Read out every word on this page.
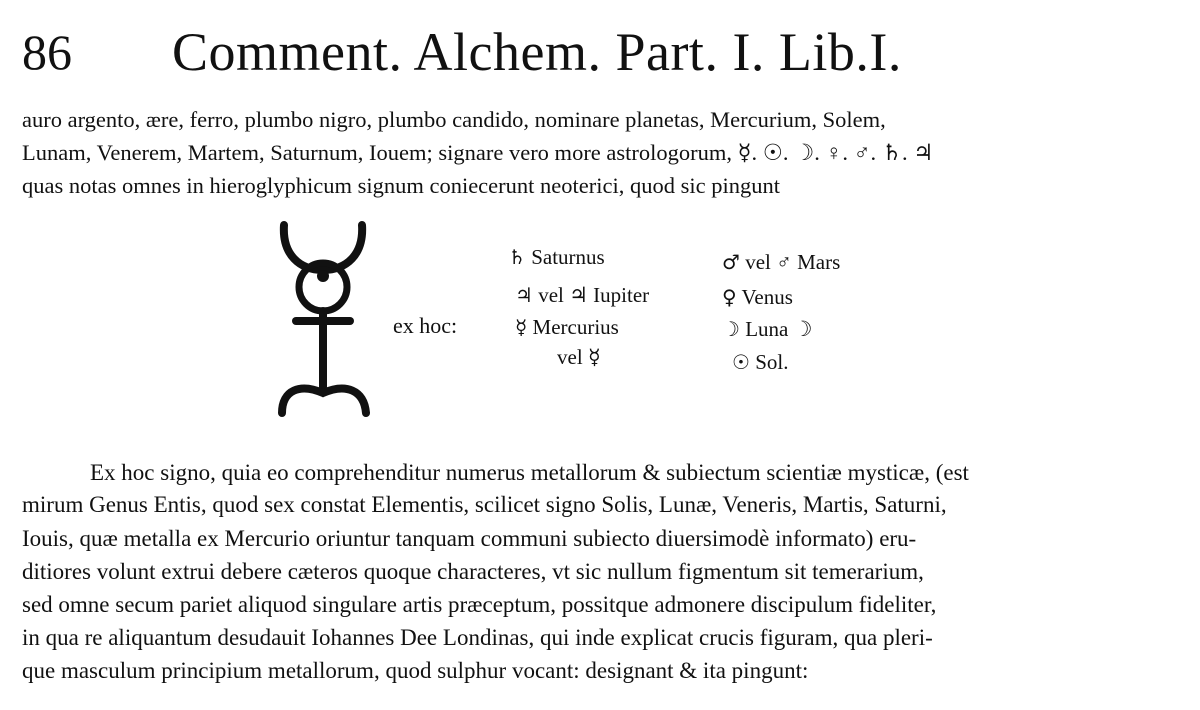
86 Comment. Alchem. Part. I. Lib.I.
auro argento, ære, ferro, plumbo nigro, plumbo candido, nominare planetas, Mercurium, Solem,
Lunam, Venerem, Martem, Saturnum, Iouem; signare vero more astrologorum, ☿. ☉. ☽. ♀. ♂. ♄. ♃
quas notas omnes in hieroglyphicum signum coniecerunt neoterici, quod sic pingunt
ex hoc:
♄ Saturnus
♃ vel ♃ Iupiter
☿ Mercurius
vel ☿
♂ vel ♂ Mars
♀ Venus
☽ Luna ☽
☉ Sol.
Ex hoc signo, quia eo comprehenditur numerus metallorum & subiectum scientiæ mysticæ, (est
mirum Genus Entis, quod sex constat Elementis, scilicet signo Solis, Lunæ, Veneris, Martis, Saturni,
Iouis, quæ metalla ex Mercurio oriuntur tanquam communi subiecto diuersimodè informato) eru-
ditiores volunt extrui debere cæteros quoque characteres, vt sic nullum figmentum sit temerarium,
sed omne secum pariet aliquod singulare artis præceptum, possitque admonere discipulum fideliter,
in qua re aliquantum desudauit Iohannes Dee Londinas, qui inde explicat crucis figuram, qua pleri-
que masculum principium metallorum, quod sulphur vocant: designant & ita pingunt:
